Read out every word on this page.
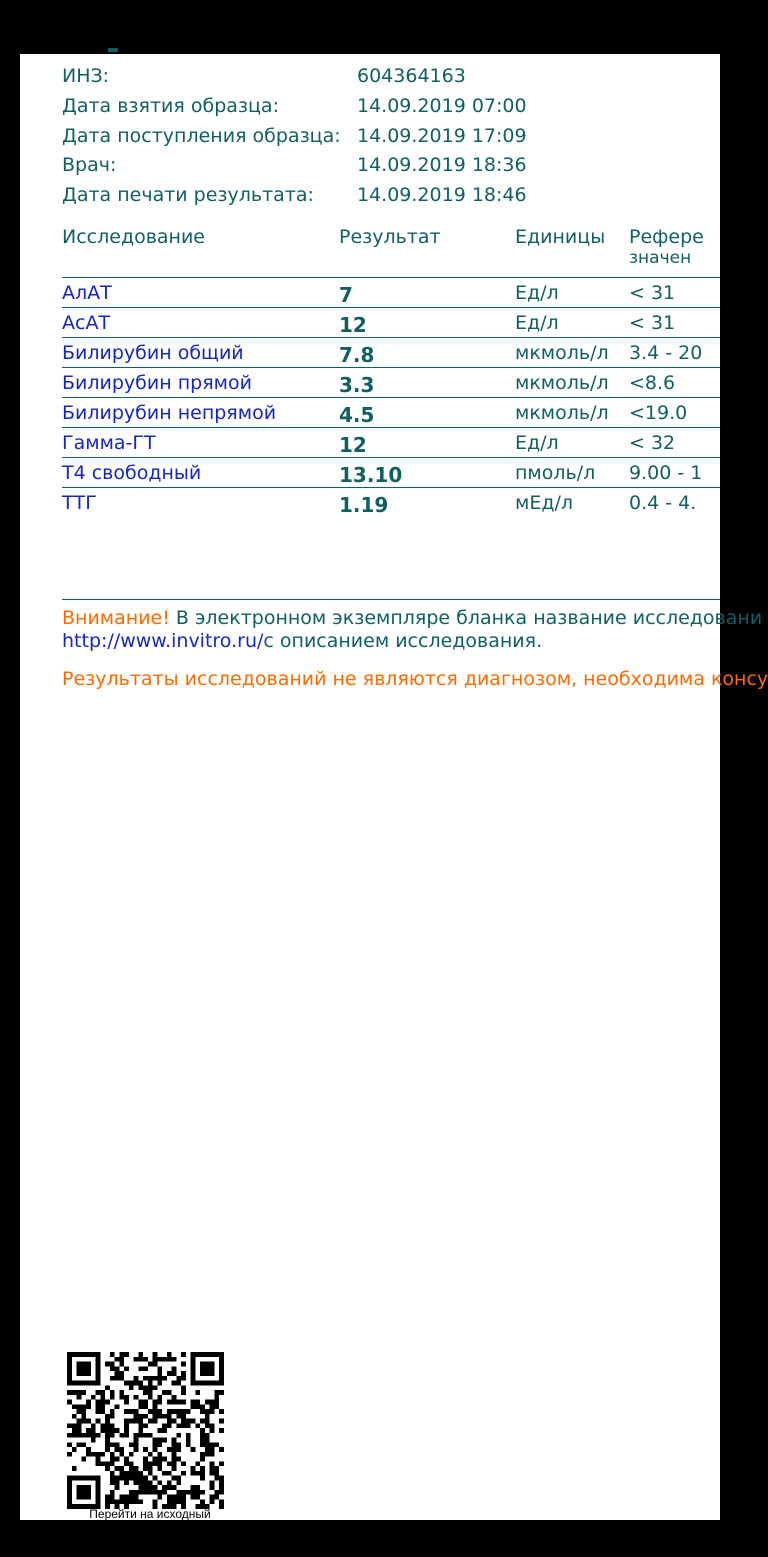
ИНЗ:	604364163
Дата взятия образца:	14.09.2019 07:00
Дата поступления образца: 14.09.2019 17:09
Врач:	14.09.2019 18:36
Дата печати результата: 14.09.2019 18:46
Исследование	Результат	Единицы Рефере
значен
АлАТ	7	Ед/л	< 31
АсАТ	12	Ед/л	< 31
Билирубин общий	7.8	мкмоль/л 3.4 - 20
Билирубин прямой	3.3	мкмоль/л <8.6
Билирубин непрямой	4.5	мкмоль/л <19.0
Гамма-ГТ	12	Ед/л	< 32
Т4 свободный	13.10	пмоль/л 9.00 - 1
ТТГ	1.19	мЕд/л	0.4 - 4.
Внимание! В электронном экземпляре бланка название исследовани
http://www.invitro.ru/с описанием исследования.
Результаты исследований не являются диагнозом, необходима консу
Перейти на исходный
документ результатов
лабораторного тестирования
Заведующий клини
